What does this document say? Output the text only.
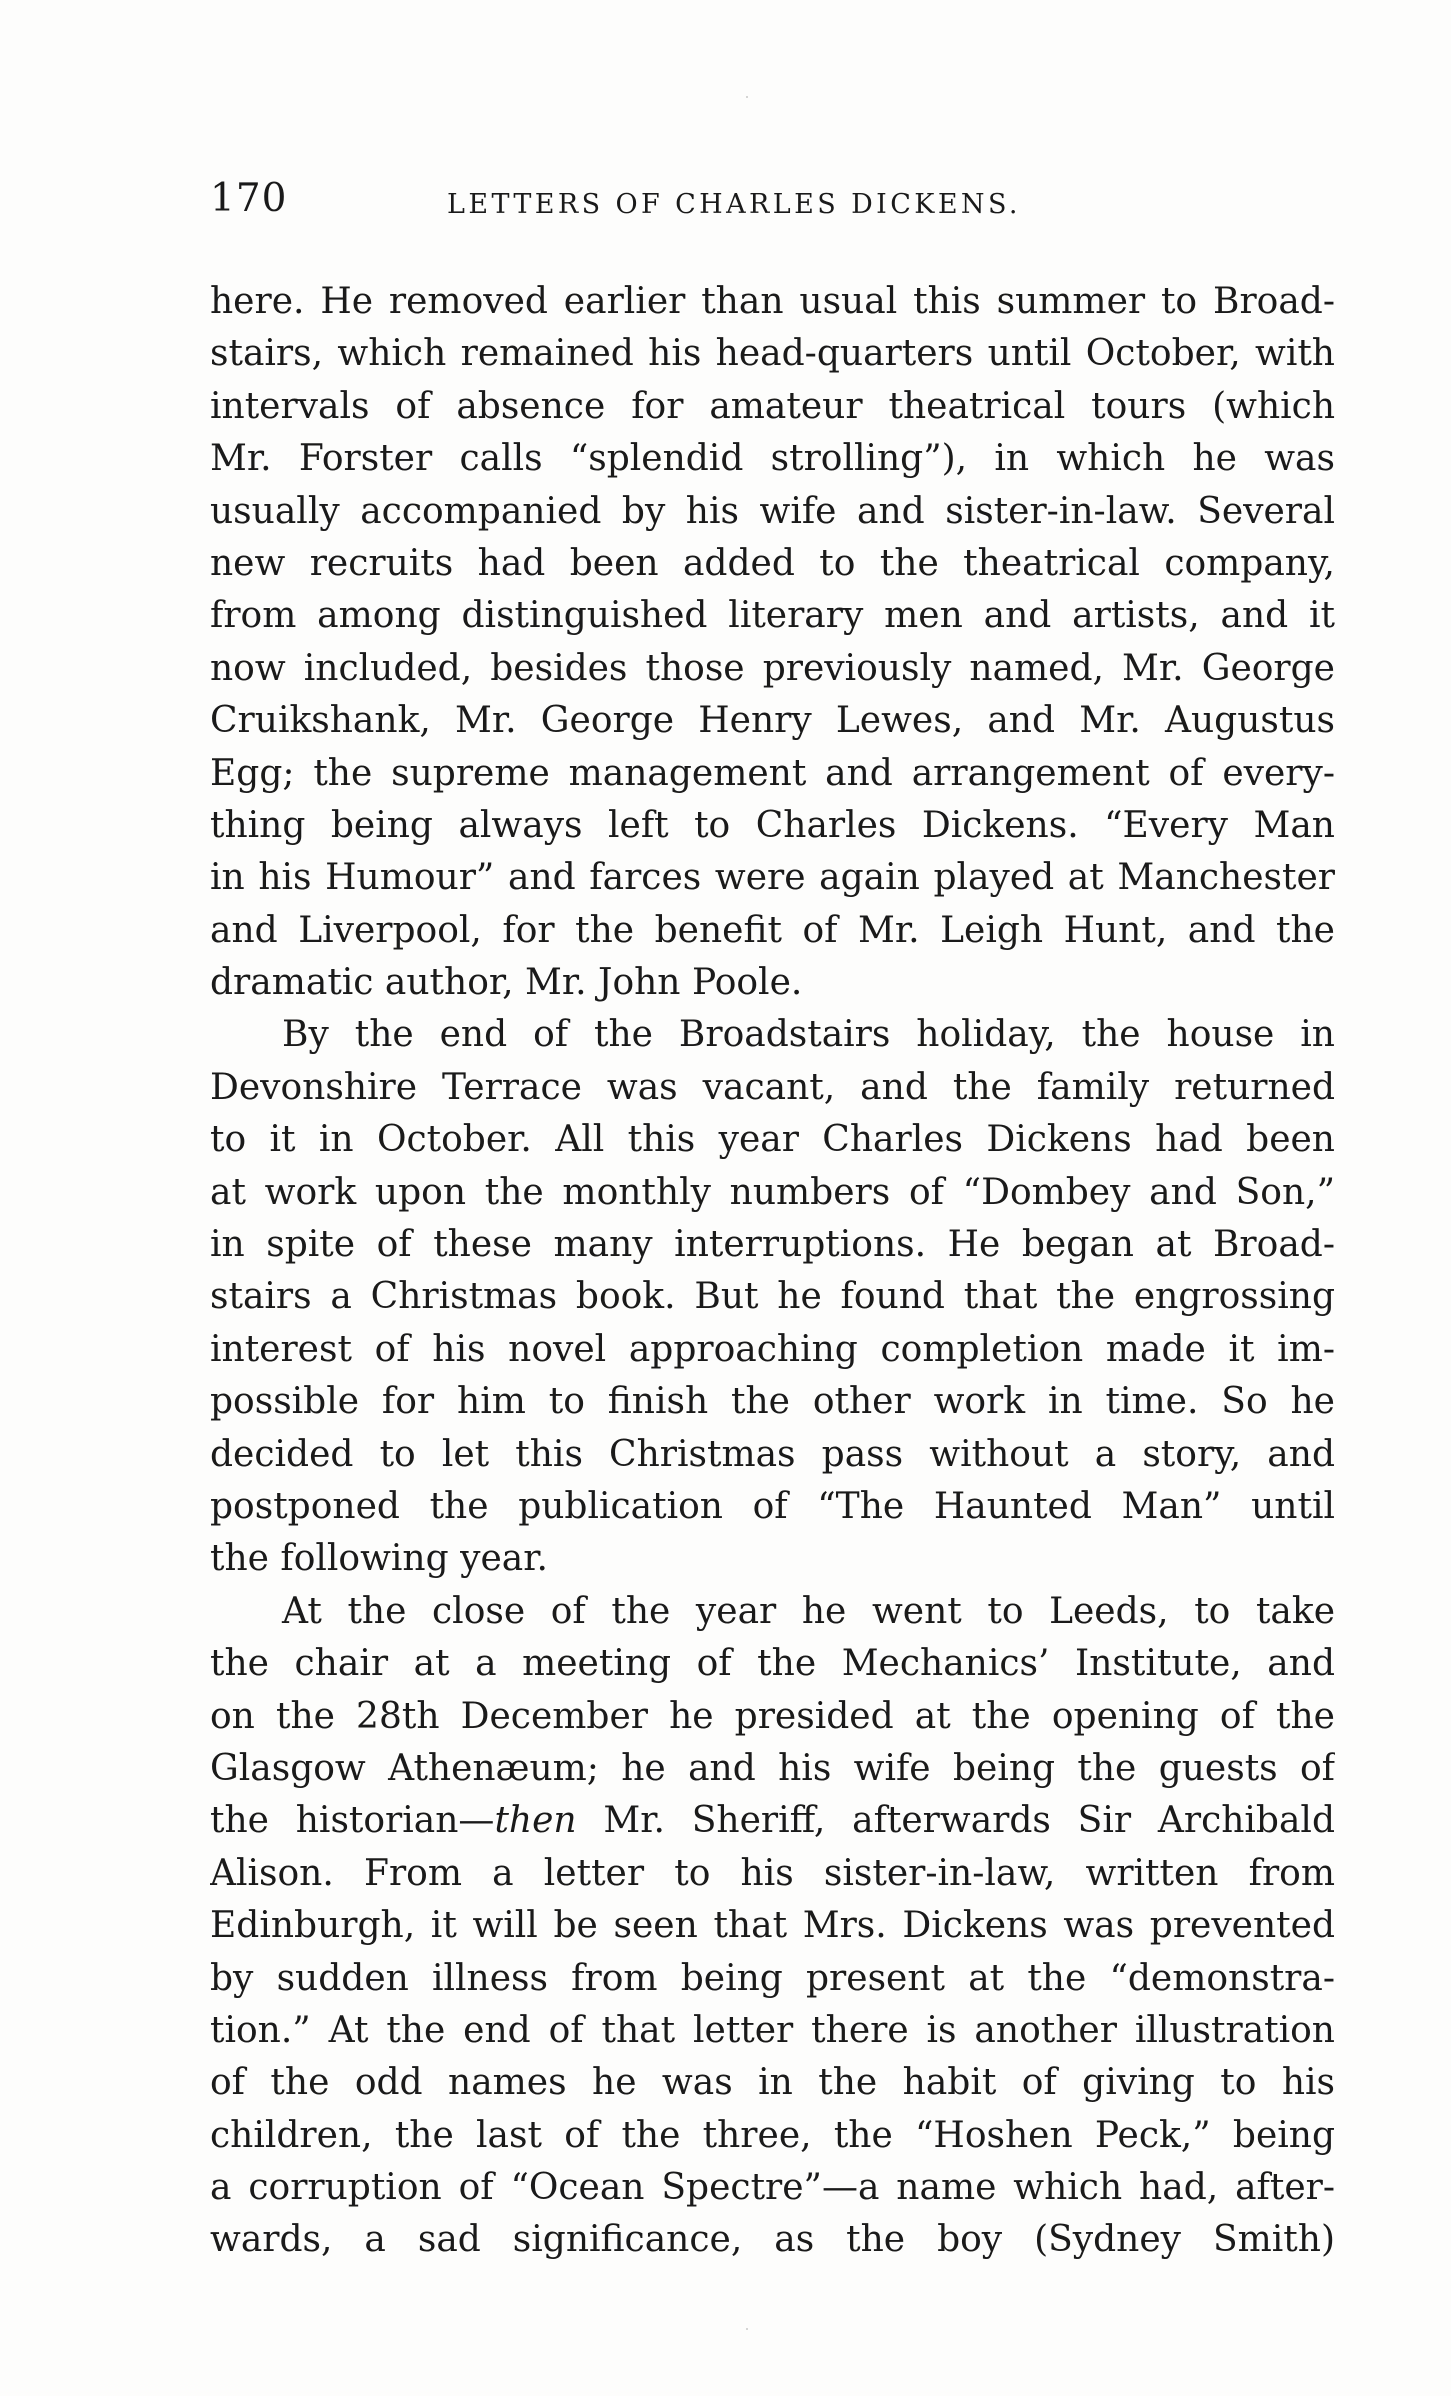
170	LETTERS OF CHARLES DICKENS.
here. He removed earlier than usual this summer to Broad-
stairs, which remained his head-quarters until October, with
intervals of absence for amateur theatrical tours (which
Mr. Forster calls “splendid strolling”), in which he was
usually accompanied by his wife and sister-in-law. Several
new recruits had been added to the theatrical company,
from among distinguished literary men and artists, and it
now included, besides those previously named, Mr. George
Cruikshank, Mr. George Henry Lewes, and Mr. Augustus
Egg; the supreme management and arrangement of every-
thing being always left to Charles Dickens. “Every Man
in his Humour” and farces were again played at Manchester
and Liverpool, for the benefit of Mr. Leigh Hunt, and the
dramatic author, Mr. John Poole.
By the end of the Broadstairs holiday, the house in
Devonshire Terrace was vacant, and the family returned
to it in October. All this year Charles Dickens had been
at work upon the monthly numbers of “Dombey and Son,”
in spite of these many interruptions. He began at Broad-
stairs a Christmas book. But he found that the engrossing
interest of his novel approaching completion made it im-
possible for him to finish the other work in time. So he
decided to let this Christmas pass without a story, and
postponed the publication of “The Haunted Man” until
the following year.
At the close of the year he went to Leeds, to take
the chair at a meeting of the Mechanics’ Institute, and
on the 28th December he presided at the opening of the
Glasgow Athenæum; he and his wife being the guests of
the historian—then Mr. Sheriff, afterwards Sir Archibald
Alison. From a letter to his sister-in-law, written from
Edinburgh, it will be seen that Mrs. Dickens was prevented
by sudden illness from being present at the “demonstra-
tion.” At the end of that letter there is another illustration
of the odd names he was in the habit of giving to his
children, the last of the three, the “Hoshen Peck,” being
a corruption of “Ocean Spectre”—a name which had, after-
wards, a sad significance, as the boy (Sydney Smith)
